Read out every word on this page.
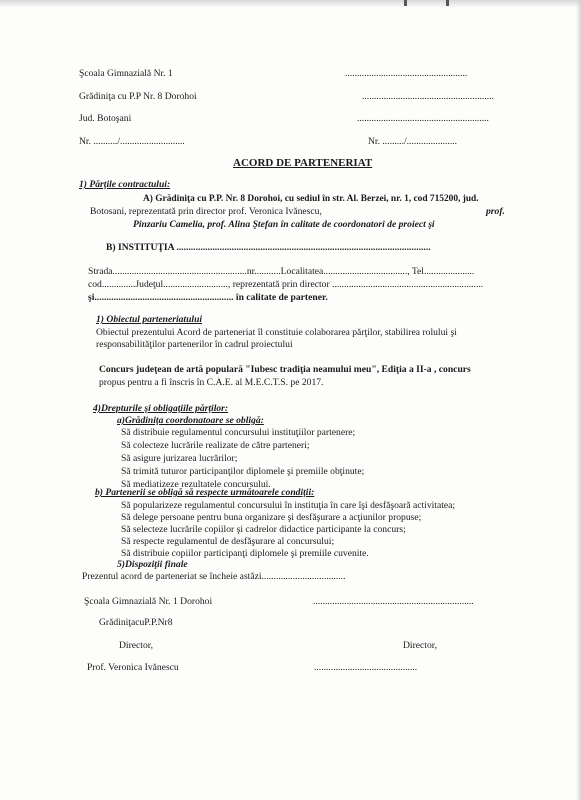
Şcoala Gimnazială Nr. 1	...................................................
Grădiniţa cu P.P Nr. 8 Dorohoi	.......................................................
Jud. Botoşani	.......................................................
Nr. ........../...........................	Nr. ........./.....................
ACORD DE PARTENERIAT
1) Părţile contractului:
A) Grădiniţa cu P.P. Nr. 8 Dorohoi, cu sediul în str. Al. Berzei, nr. 1, cod 715200, jud.
Botosani, reprezentată prin director prof. Veronica Ivănescu,	prof.
Pinzariu Camelia, prof. Alina Ştefan în calitate de coordonatori de proiect şi
B) INSTITUŢIA ..........................................................................................................
Strada........................................................nr...........Localitatea..................................., Tel.....................
cod..............Judeţul..........................., reprezentată prin director ...............................................................
şi.......................................................... în calitate de partener.
1) Obiectul parteneriatului
Obiectul prezentului Acord de parteneriat îl constituie colaborarea părţilor, stabilirea rolului şi
responsabilităţilor partenerilor în cadrul proiectului
Concurs judeţean de artă populară "Iubesc tradiţia neamului meu", Ediţia a II-a , concurs
propus pentru a fi înscris în C.A.E. al M.E.C.T.S. pe 2017.
4)Drepturile şi obligaţiile părţilor:
a)Grădiniţa coordonatoare se obligă:
Să distribuie regulamentul concursului instituţiilor partenere;
Să colecteze lucrările realizate de către parteneri;
Să asigure jurizarea lucrărilor;
Să trimită tuturor participanţilor diplomele şi premiile obţinute;
Să mediatizeze rezultatele concursului.
b) Partenerii se obligă să respecte următoarele condiţii:
Să popularizeze regulamentul concursului în instituţia în care îşi desfăşoară activitatea;
Să delege persoane pentru buna organizare şi desfăşurare a acţiunilor propuse;
Să selecteze lucrările copiilor şi cadrelor didactice participante la concurs;
Să respecte regulamentul de desfăşurare al concursului;
Să distribuie copiilor participanţi diplomele şi premiile cuvenite.
5)Dispoziţii finale
Prezentul acord de parteneriat se încheie astăzi...................................
Şcoala Gimnazială Nr. 1 Dorohoi	...................................................................
GrădiniţacuP.P.Nr8
Director,	Director,
Prof. Veronica Ivănescu	...........................................
